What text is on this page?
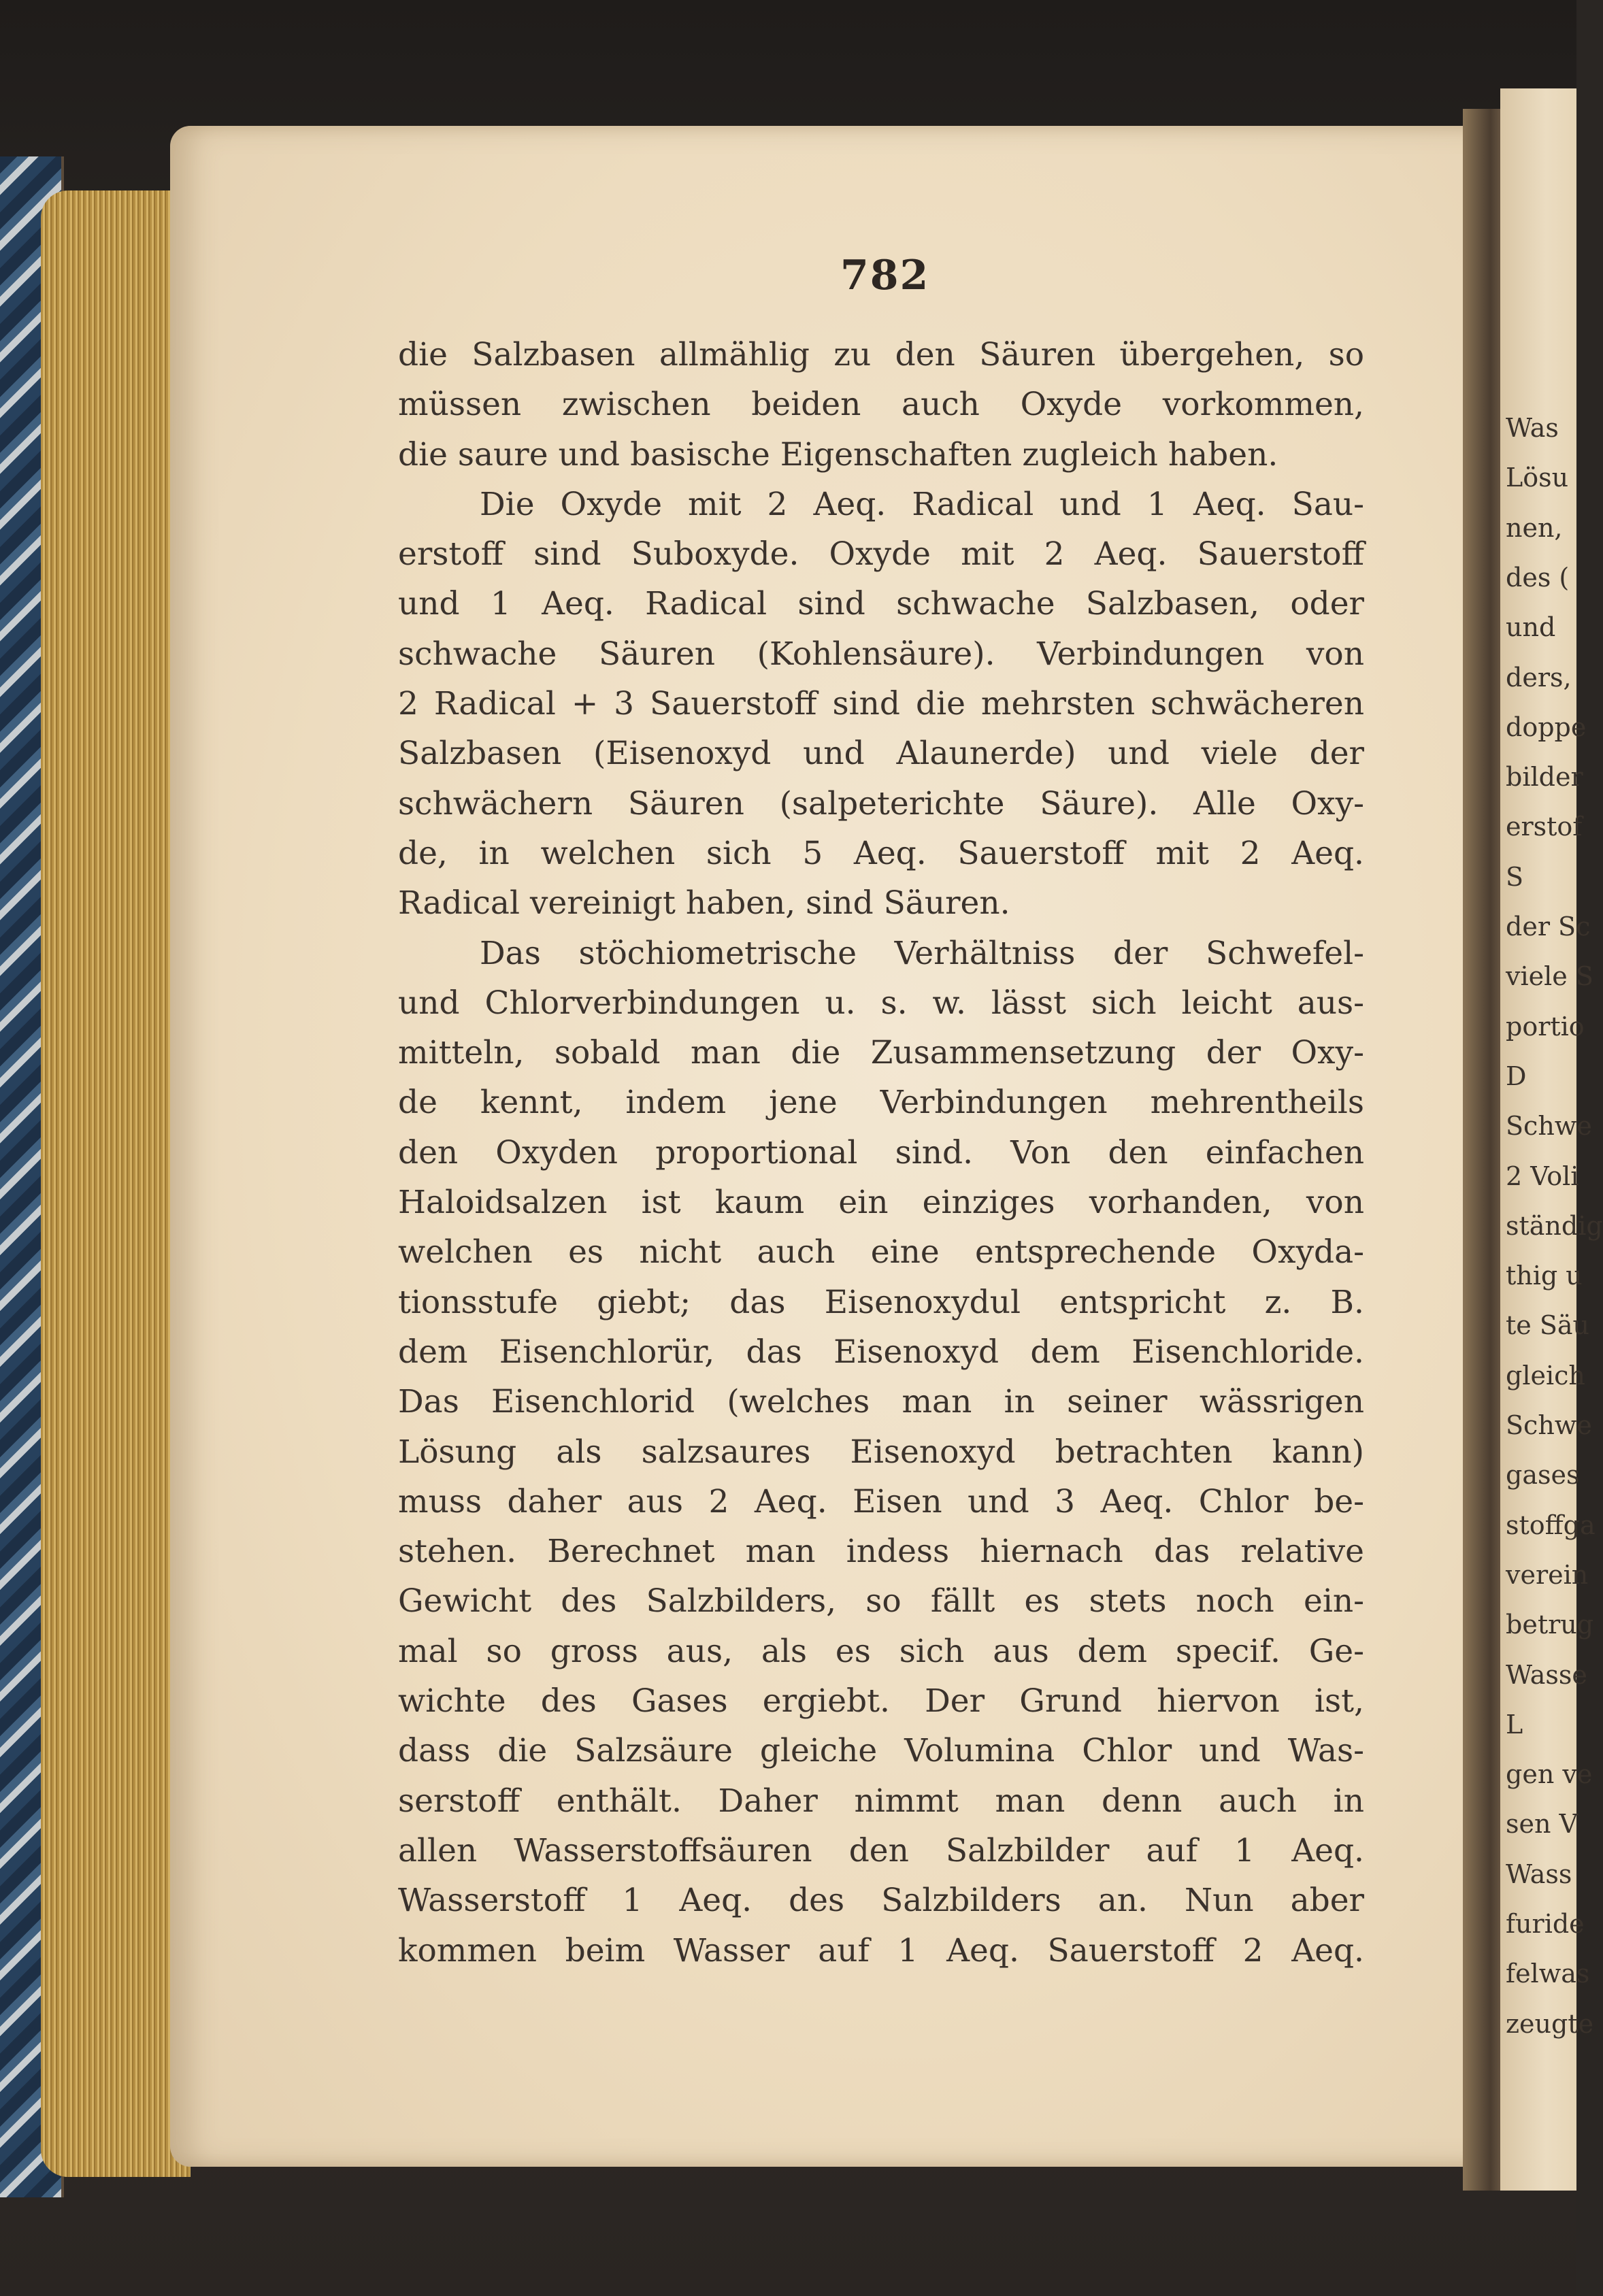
Was
Lösu
nen,
des (
und
ders,
doppe
bilder
erstof
S
der Sc
viele S
portio
D
Schwe
2 Voli
ständig
thig u
te Säu
gleich
Schwe
gases
stoffga
verein
betrug
Wasse
L
gen ve
sen V
Wass
furide
felwas
zeugte
782
die Salzbasen allmählig zu den Säuren übergehen, so
müssen zwischen beiden auch Oxyde vorkommen,
die saure und basische Eigenschaften zugleich haben.
Die Oxyde mit 2 Aeq. Radical und 1 Aeq. Sau-
erstoff sind Suboxyde. Oxyde mit 2 Aeq. Sauerstoff
und 1 Aeq. Radical sind schwache Salzbasen, oder
schwache Säuren (Kohlensäure). Verbindungen von
2 Radical + 3 Sauerstoff sind die mehrsten schwächeren
Salzbasen (Eisenoxyd und Alaunerde) und viele der
schwächern Säuren (salpeterichte Säure). Alle Oxy-
de, in welchen sich 5 Aeq. Sauerstoff mit 2 Aeq.
Radical vereinigt haben, sind Säuren.
Das stöchiometrische Verhältniss der Schwefel-
und Chlorverbindungen u. s. w. lässt sich leicht aus-
mitteln, sobald man die Zusammensetzung der Oxy-
de kennt, indem jene Verbindungen mehrentheils
den Oxyden proportional sind. Von den einfachen
Haloidsalzen ist kaum ein einziges vorhanden, von
welchen es nicht auch eine entsprechende Oxyda-
tionsstufe giebt; das Eisenoxydul entspricht z. B.
dem Eisenchlorür, das Eisenoxyd dem Eisenchloride.
Das Eisenchlorid (welches man in seiner wässrigen
Lösung als salzsaures Eisenoxyd betrachten kann)
muss daher aus 2 Aeq. Eisen und 3 Aeq. Chlor be-
stehen. Berechnet man indess hiernach das relative
Gewicht des Salzbilders, so fällt es stets noch ein-
mal so gross aus, als es sich aus dem specif. Ge-
wichte des Gases ergiebt. Der Grund hiervon ist,
dass die Salzsäure gleiche Volumina Chlor und Was-
serstoff enthält. Daher nimmt man denn auch in
allen Wasserstoffsäuren den Salzbilder auf 1 Aeq.
Wasserstoff 1 Aeq. des Salzbilders an. Nun aber
kommen beim Wasser auf 1 Aeq. Sauerstoff 2 Aeq.
